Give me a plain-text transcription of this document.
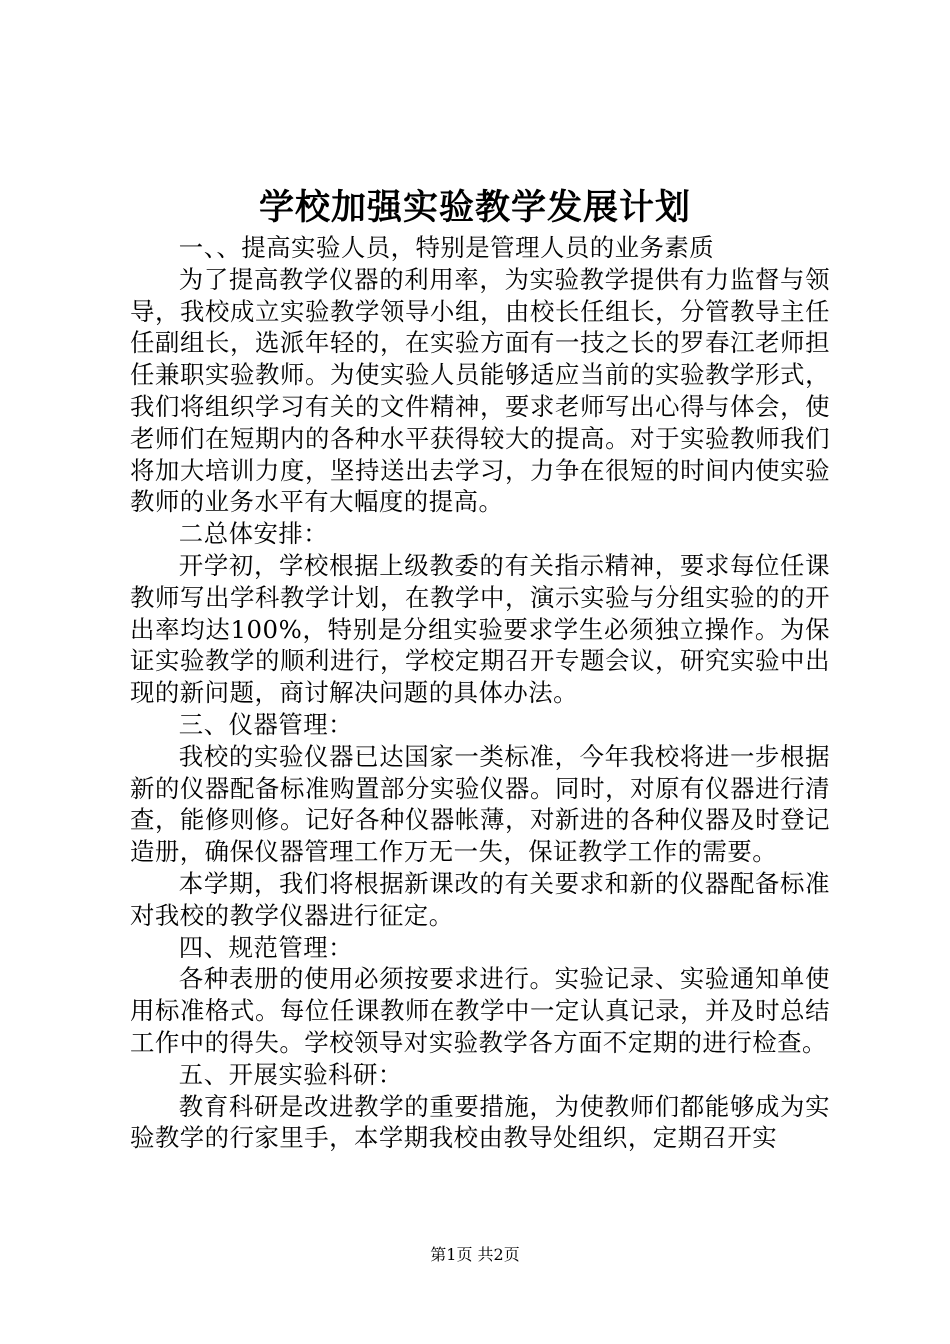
学校加强实验教学发展计划

一、、提高实验人员，特别是管理人员的业务素质

为了提高教学仪器的利用率，为实验教学提供有力监督与领导，我校成立实验教学领导小组，由校长任组长，分管教导主任任副组长，选派年轻的，在实验方面有一技之长的罗春江老师担任兼职实验教师。为使实验人员能够适应当前的实验教学形式，我们将组织学习有关的文件精神，要求老师写出心得与体会，使老师们在短期内的各种水平获得较大的提高。对于实验教师我们将加大培训力度，坚持送出去学习，力争在很短的时间内使实验教师的业务水平有大幅度的提高。

二总体安排：

开学初，学校根据上级教委的有关指示精神，要求每位任课教师写出学科教学计划，在教学中，演示实验与分组实验的的开出率均达100%，特别是分组实验要求学生必须独立操作。为保证实验教学的顺利进行，学校定期召开专题会议，研究实验中出现的新问题，商讨解决问题的具体办法。

三、仪器管理：

我校的实验仪器已达国家一类标准，今年我校将进一步根据新的仪器配备标准购置部分实验仪器。同时，对原有仪器进行清查，能修则修。记好各种仪器帐薄，对新进的各种仪器及时登记造册，确保仪器管理工作万无一失，保证教学工作的需要。

本学期，我们将根据新课改的有关要求和新的仪器配备标准对我校的教学仪器进行征定。

四、规范管理：

各种表册的使用必须按要求进行。实验记录、实验通知单使用标准格式。每位任课教师在教学中一定认真记录，并及时总结工作中的得失。学校领导对实验教学各方面不定期的进行检查。

五、开展实验科研：

教育科研是改进教学的重要措施，为使教师们都能够成为实验教学的行家里手，本学期我校由教导处组织，定期召开实

第1页 共2页
